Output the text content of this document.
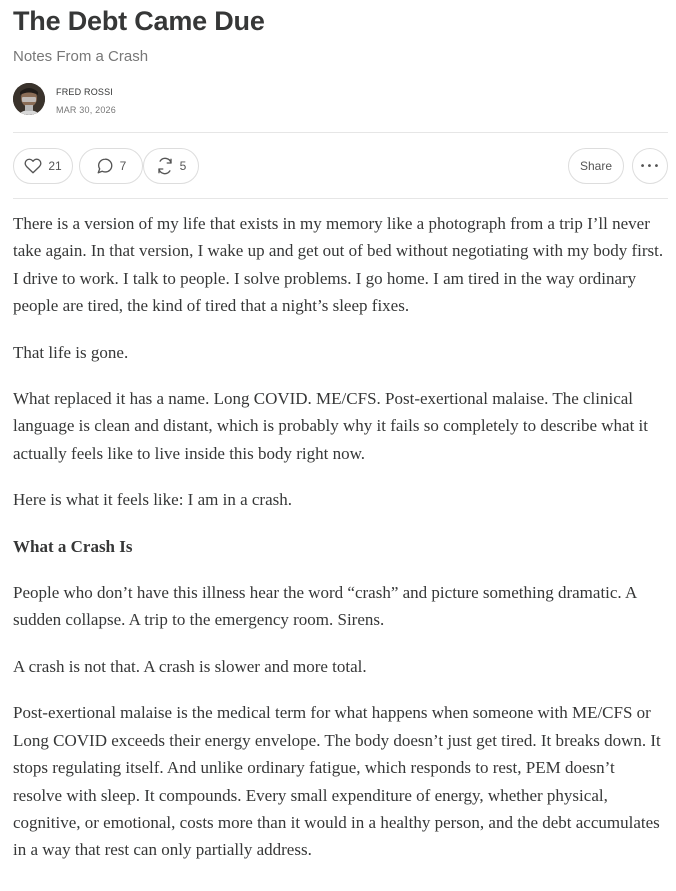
The Debt Came Due
Notes From a Crash
FRED ROSSI
MAR 30, 2026
21	7	5	Share	•••

There is a version of my life that exists in my memory like a photograph from a trip I’ll never take again. In that version, I wake up and get out of bed without negotiating with my body first. I drive to work. I talk to people. I solve problems. I go home. I am tired in the way ordinary people are tired, the kind of tired that a night’s sleep fixes.

That life is gone.

What replaced it has a name. Long COVID. ME/CFS. Post-exertional malaise. The clinical language is clean and distant, which is probably why it fails so completely to describe what it actually feels like to live inside this body right now.

Here is what it feels like: I am in a crash.

What a Crash Is

People who don’t have this illness hear the word “crash” and picture something dramatic. A sudden collapse. A trip to the emergency room. Sirens.

A crash is not that. A crash is slower and more total.

Post-exertional malaise is the medical term for what happens when someone with ME/CFS or Long COVID exceeds their energy envelope. The body doesn’t just get tired. It breaks down. It stops regulating itself. And unlike ordinary fatigue, which responds to rest, PEM doesn’t resolve with sleep. It compounds. Every small expenditure of energy, whether physical, cognitive, or emotional, costs more than it would in a healthy person, and the debt accumulates in a way that rest can only partially address.
